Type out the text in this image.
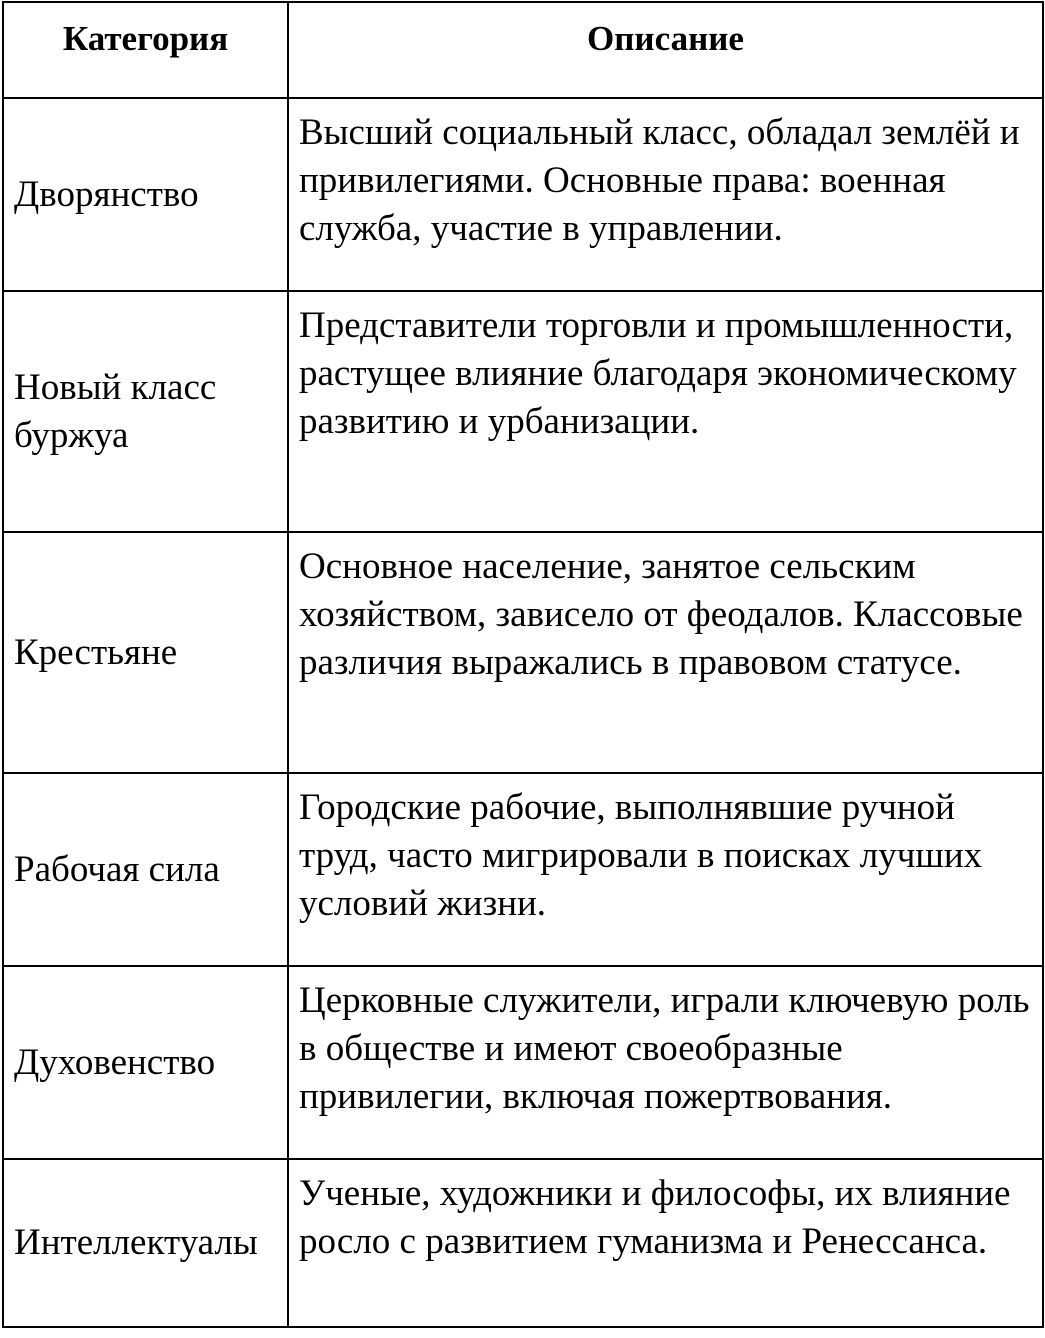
Категория	Описание
Дворянство	Высший социальный класс, обладал землёй и привилегиями. Основные права: военная служба, участие в управлении.
Новый класс буржуа	Представители торговли и промышленности, растущее влияние благодаря экономическому развитию и урбанизации.
Крестьяне	Основное население, занятое сельским хозяйством, зависело от феодалов. Классовые различия выражались в правовом статусе.
Рабочая сила	Городские рабочие, выполнявшие ручной труд, часто мигрировали в поисках лучших условий жизни.
Духовенство	Церковные служители, играли ключевую роль в обществе и имеют своеобразные привилегии, включая пожертвования.
Интеллектуалы	Ученые, художники и философы, их влияние росло с развитием гуманизма и Ренессанса.
